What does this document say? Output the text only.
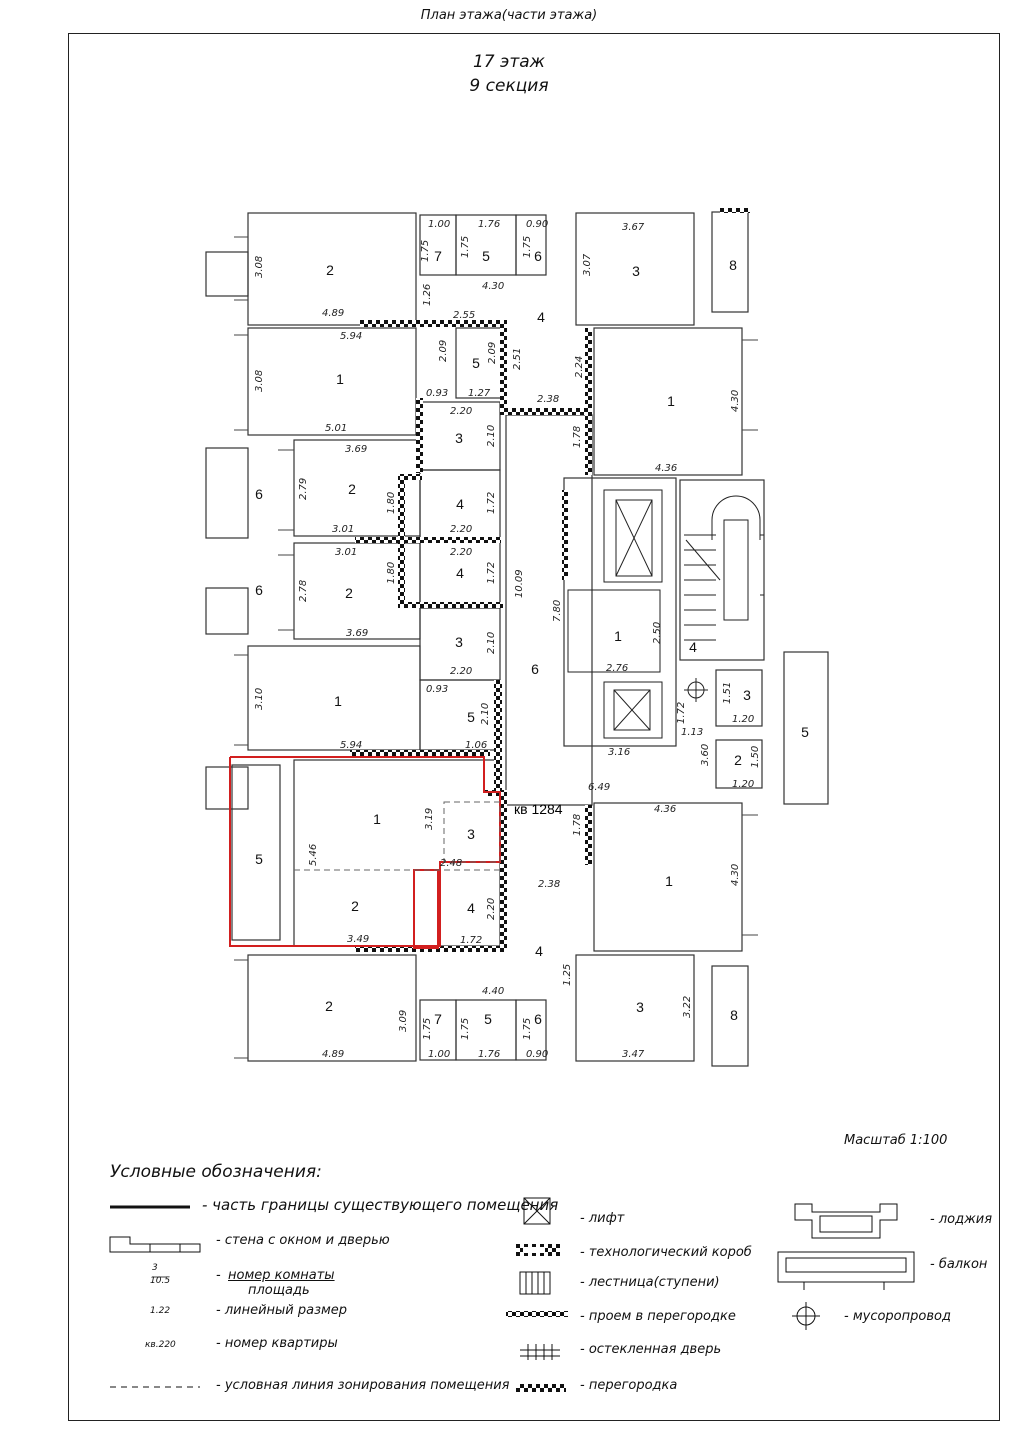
План этажа(части этажа)
17 этаж
9 секция
2
7	5	6
3	8
4
5
1
1
3
2
6
4
6	2
4
3
1
5
6
1
4
3
2
5
1
3
5
2	4
1
4
2
7	5	6
3	8
кв 1284
1.00	1.76	0.90	3.67
4.30
4.89	2.55
5.94
0.93 1.27
2.38
5.01
2.20
3.69
4.36
3.01	2.20
3.01	2.20
3.69
2.20	2.76
0.93
1.20
1.13
5.94	1.06
3.16
1.20
6.49
4.36
2.48
2.38
3.49	1.72
4.40
4.89	1.00	1.76	0.90	3.47
3.08
1.75	1.75	1.75
3.07
1.26
3.08
2.09	2.09 2.51	2.24
4.30
2.10	1.78
2.79
1.80	1.72
1.80	1.72 10.09
2.78
7.80
2.50
2.10
3.10	1.51
1.72
2.10
3.60	1.50
3.19	1.78
5.46
4.30
2.20
1.25
3.09
3.22
1.75	1.75	1.75
Масштаб 1:100
Условные обозначения:
- часть границы существующего помещения
- стена с окном и дверью
3
10.5	- номер комнаты
площадь
1.22	- линейный размер
кв.220	- номер квартиры
- условная линия зонирования помещения
- лифт
- технологический короб
- лестница(ступени)
- проем в перегородке
- остекленная дверь
- перегородка
- лоджия
- балкон
- мусоропровод
